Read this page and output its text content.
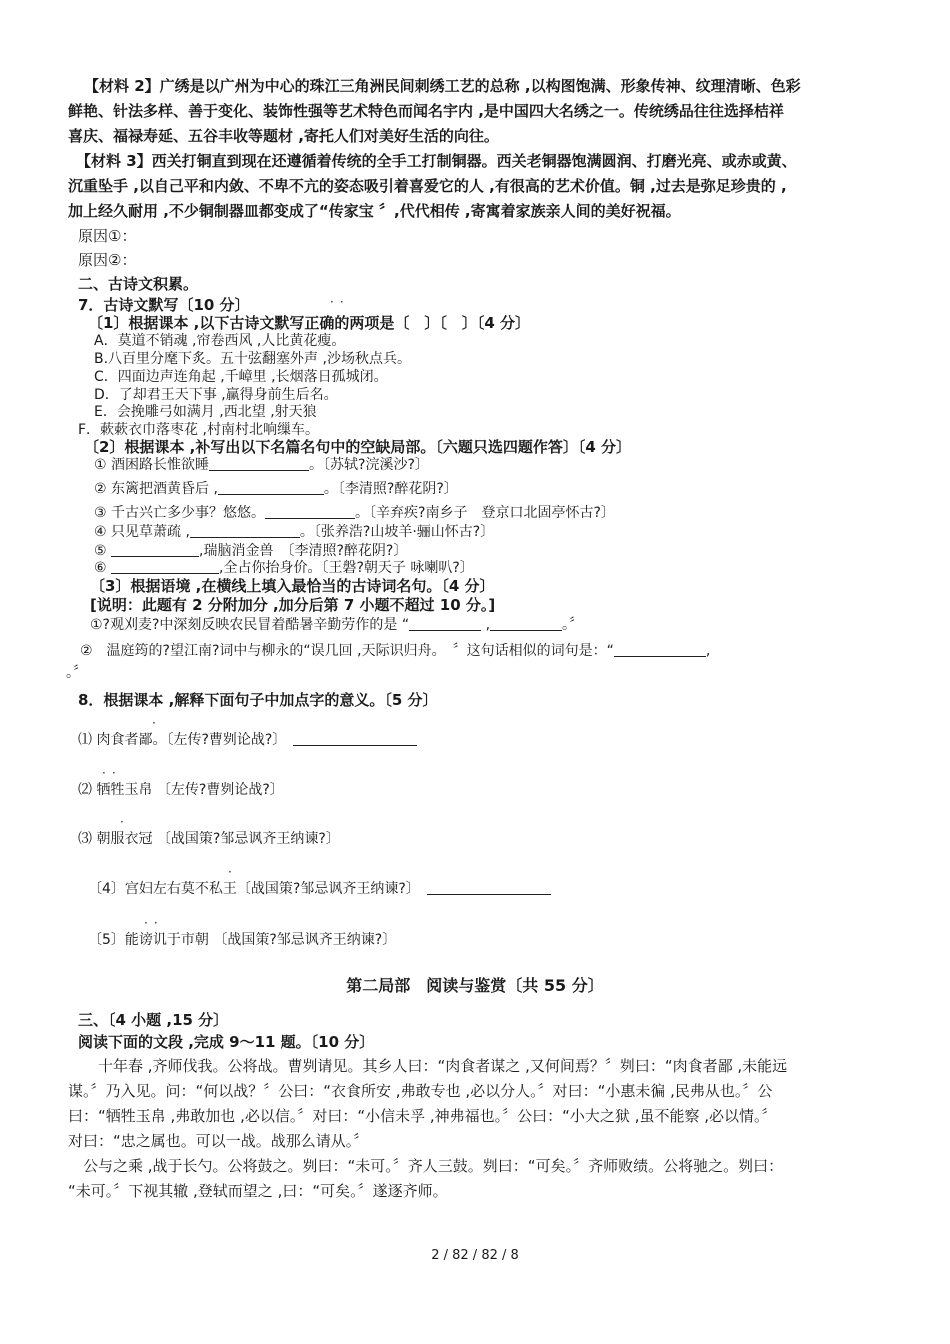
【材料 2】广绣是以广州为中心的珠江三角洲民间刺绣工艺的总称 ,以构图饱满、形象传神、纹理清晰、色彩
鲜艳、针法多样、善于变化、装饰性强等艺术特色而闻名宇内 ,是中国四大名绣之一。传统绣品往往选择桔祥
喜庆、福禄寿延、五谷丰收等题材 ,寄托人们对美好生活的向往。
【材料 3】西关打铜直到现在还遵循着传统的全手工打制铜器。西关老铜器饱满圆润、打磨光亮、或赤或黄、
沉重坠手 ,以自己平和内敛、不卑不亢的姿态吸引着喜爱它的人 ,有很高的艺术价值。铜 ,过去是弥足珍贵的 ,
加上经久耐用 ,不少铜制器皿都变成了“传家宝 〞,代代相传 ,寄寓着家族亲人间的美好祝福。
原因①：
原因②：
二、古诗文积累。
7．古诗文默写〔10 分〕	··
〔1〕根据课本 ,以下古诗文默写正确的两项是〔　〕〔　〕〔4 分〕
A．莫道不销魂 ,帘卷西风 ,人比黄花瘦。
B.八百里分麾下炙。五十弦翻塞外声 ,沙场秋点兵。
C．四面边声连角起 ,千嶂里 ,长烟落日孤城闭。
D．了却君王天下事 ,赢得身前生后名。
E．会挽雕弓如满月 ,西北望 ,射天狼
F．蔌蔌衣巾落枣花 ,村南村北响缫车。
〔2〕根据课本 ,补写出以下名篇名句中的空缺局部。〔六题只选四题作答〕〔4 分〕
① 酒困路长惟欲睡	。〔苏轼?浣溪沙?〕
② 东篱把酒黄昏后 ,	。〔李清照?醉花阴?〕
③ 千古兴亡多少事？悠悠。	。〔辛弃疾?南乡子　登京口北固亭怀古?〕
④ 只见草萧疏 ,	。〔张养浩?山坡羊·骊山怀古?〕
⑤	,瑞脑消金兽　〔李清照?醉花阴?〕
⑥	,全占你抬身价。〔王磐?朝天子 咏喇叭?〕
〔3〕根据语境 ,在横线上填入最恰当的古诗词名句。〔4 分〕
[说明：此题有 2 分附加分 ,加分后第 7 小题不超过 10 分。]
①?观刈麦?中深刻反映农民冒着酷暑辛勤劳作的是 “	,	。〞
②　温庭筠的?望江南?词中与柳永的“误几回 ,天际识归舟。　〞这句话相似的词句是：“	,
。〞
8．根据课本 ,解释下面句子中加点字的意义。〔5 分〕
·
⑴ 肉食者鄙。〔左传?曹刿论战?〕　
··
⑵ 牺牲玉帛 〔左传?曹刿论战?〕
·
⑶ 朝服衣冠 〔战国策?邹忌讽齐王纳谏?〕
·
〔4〕宫妇左右莫不私王〔战国策?邹忌讽齐王纳谏?〕　
··
〔5〕能谤讥于市朝 〔战国策?邹忌讽齐王纳谏?〕
第二局部　阅读与鉴赏〔共 55 分〕
三、〔4 小题 ,15 分〕
阅读下面的文段 ,完成 9～11 题。〔10 分〕
　　十年春 ,齐师伐我。公将战。曹刿请见。其乡人曰：“肉食者谋之 ,又何间焉？〞刿曰：“肉食者鄙 ,未能远
谋。〞乃入见。问：“何以战？〞公曰：“衣食所安 ,弗敢专也 ,必以分人。〞对曰：“小惠未徧 ,民弗从也。〞公
曰：“牺牲玉帛 ,弗敢加也 ,必以信。〞对曰：“小信未孚 ,神弗福也。〞公曰：“小大之狱 ,虽不能察 ,必以情。〞
对曰：“忠之属也。可以一战。战那么请从。〞
　公与之乘 ,战于长勺。公将鼓之。刿曰：“未可。〞齐人三鼓。刿曰：“可矣。〞齐师败绩。公将驰之。刿曰：
“未可。〞下视其辙 ,登轼而望之 ,曰：“可矣。〞遂逐齐师。
2 / 82 / 82 / 8
